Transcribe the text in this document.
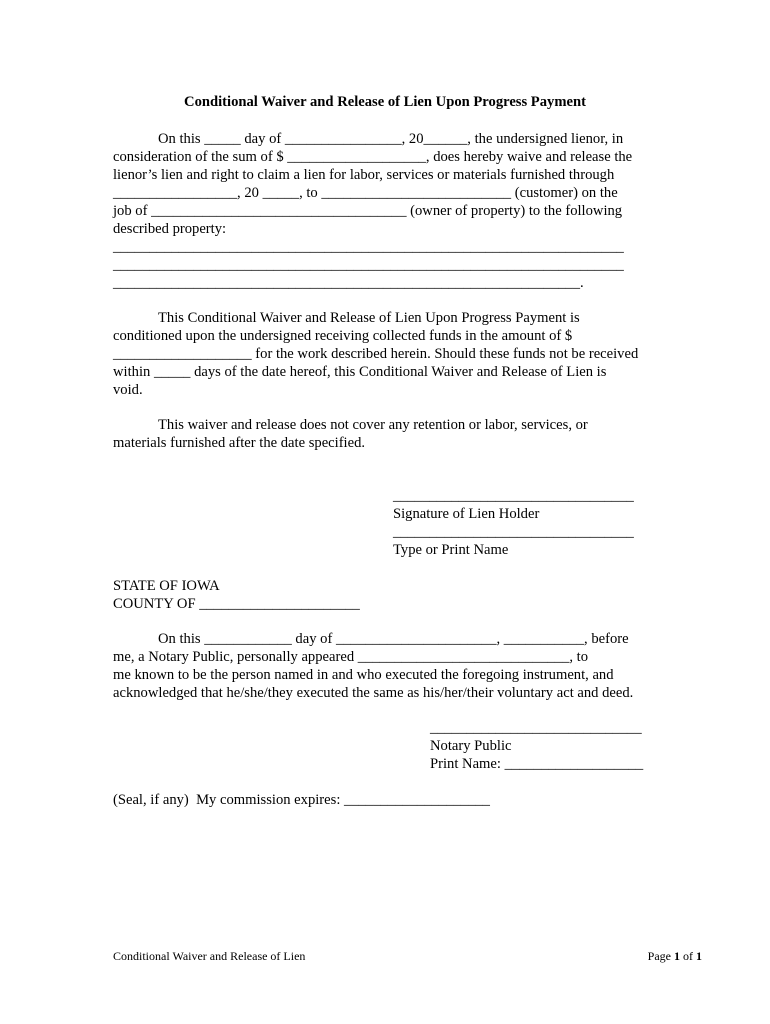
Conditional Waiver and Release of Lien Upon Progress Payment
On this _____ day of ________________, 20______, the undersigned lienor, in
consideration of the sum of $ ___________________, does hereby waive and release the
lienor’s lien and right to claim a lien for labor, services or materials furnished through
_________________, 20 _____, to __________________________ (customer) on the
job of ___________________________________ (owner of property) to the following
described property:
______________________________________________________________________
______________________________________________________________________
________________________________________________________________.
This Conditional Waiver and Release of Lien Upon Progress Payment is
conditioned upon the undersigned receiving collected funds in the amount of $
___________________ for the work described herein. Should these funds not be received
within _____ days of the date hereof, this Conditional Waiver and Release of Lien is
void.
This waiver and release does not cover any retention or labor, services, or
materials furnished after the date specified.
_________________________________
Signature of Lien Holder
_________________________________
Type or Print Name
STATE OF IOWA
COUNTY OF ______________________
On this ____________ day of ______________________, ___________, before
me, a Notary Public, personally appeared _____________________________, to
me known to be the person named in and who executed the foregoing instrument, and
acknowledged that he/she/they executed the same as his/her/their voluntary act and deed.
_____________________________
Notary Public
Print Name: ___________________
(Seal, if any)  My commission expires: ____________________
Conditional Waiver and Release of Lien	Page 1 of 1
